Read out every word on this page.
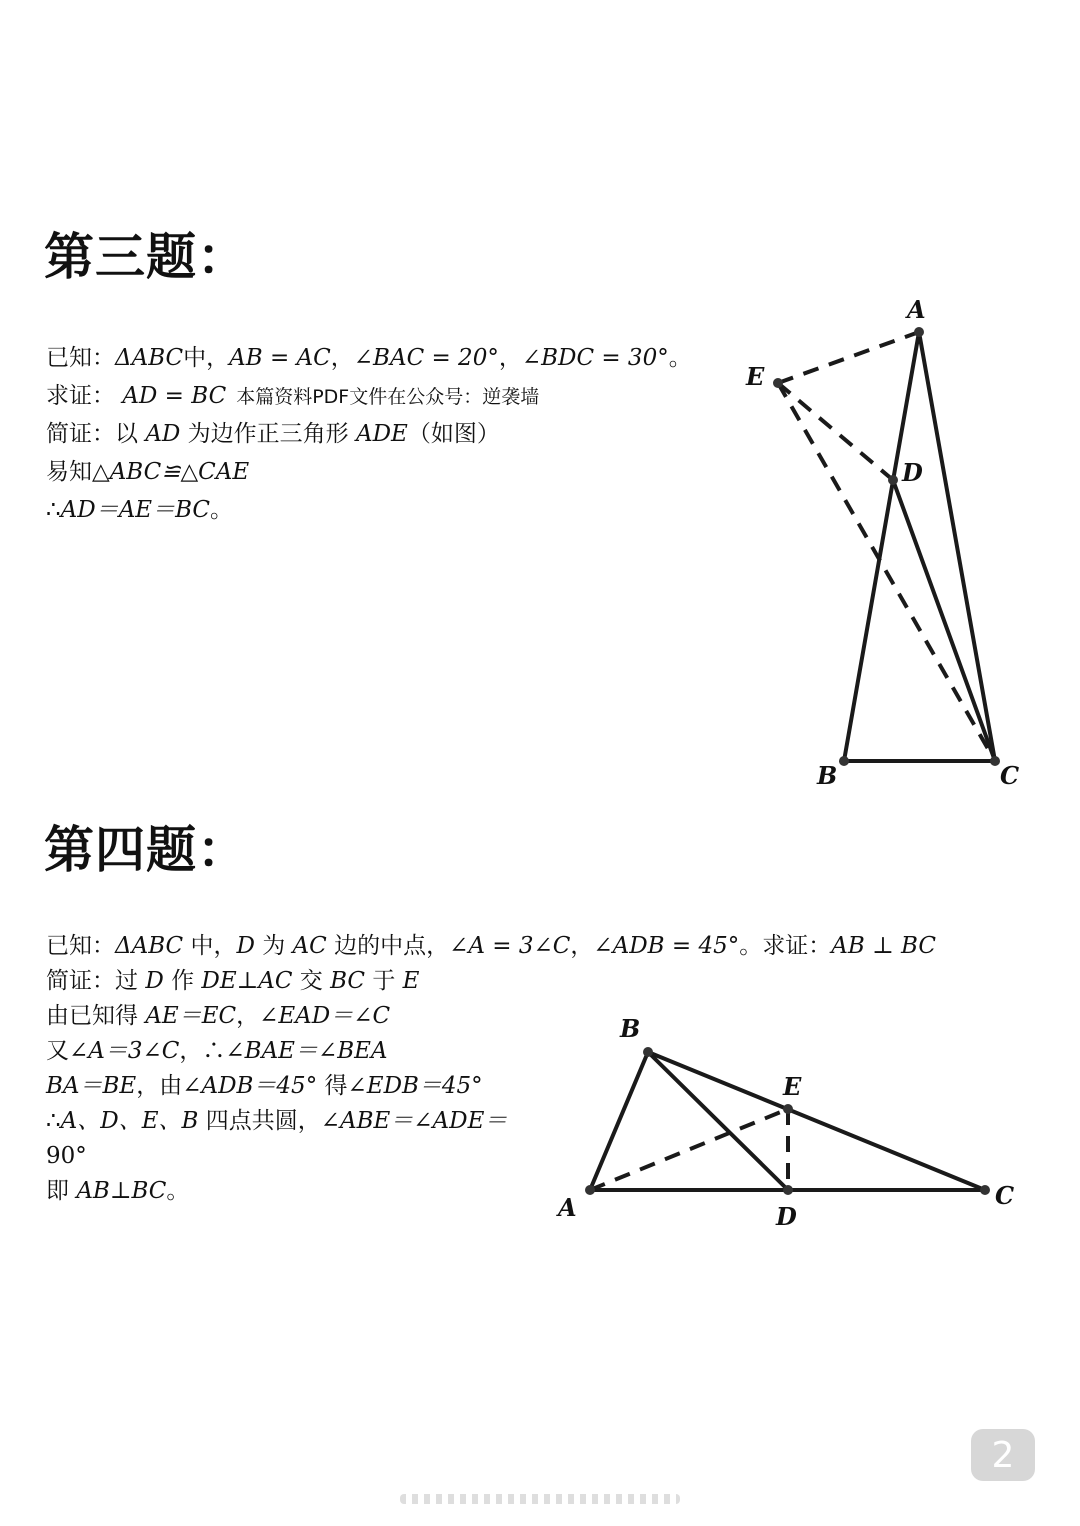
第三题：

已知：ΔABC中，AB = AC，∠BAC = 20°，∠BDC = 30°。

求证： AD = BC 本篇资料PDF文件在公众号：逆袭墙

简证：以 AD 为边作正三角形 ADE（如图）

易知△ABC≌△CAE

∴AD＝AE＝BC。

A
E
D
B	C
第四题：

已知：ΔABC 中，D 为 AC 边的中点，∠A = 3∠C，∠ADB = 45°。求证：AB ⊥ BC

简证：过 D 作 DE⊥AC 交 BC 于 E

由已知得 AE＝EC，∠EAD＝∠C

又∠A＝3∠C，∴∠BAE＝∠BEA

BA＝BE，由∠ADB＝45° 得∠EDB＝45°

∴A、D、E、B 四点共圆，∠ABE＝∠ADE＝

90°

即 AB⊥BC。

B
E
A	D
C
2
